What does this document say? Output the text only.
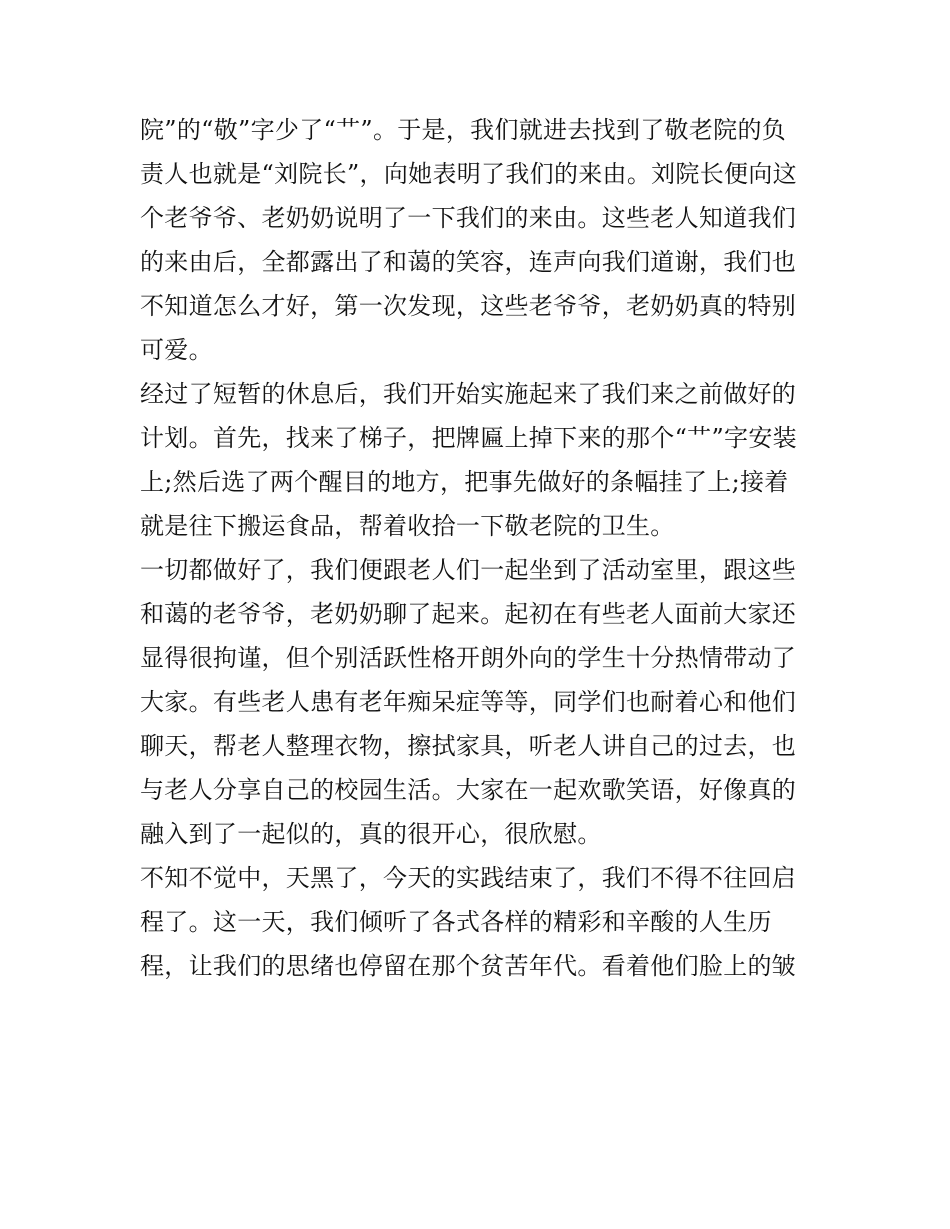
院”的“敬”字少了“艹”。于是，我们就进去找到了敬老院的负
责人也就是“刘院长”，向她表明了我们的来由。刘院长便向这
个老爷爷、老奶奶说明了一下我们的来由。这些老人知道我们
的来由后，全都露出了和蔼的笑容，连声向我们道谢，我们也
不知道怎么才好，第一次发现，这些老爷爷，老奶奶真的特别
可爱。
经过了短暂的休息后，我们开始实施起来了我们来之前做好的
计划。首先，找来了梯子，把牌匾上掉下来的那个“艹”字安装
上;然后选了两个醒目的地方，把事先做好的条幅挂了上;接着
就是往下搬运食品，帮着收拾一下敬老院的卫生。
一切都做好了，我们便跟老人们一起坐到了活动室里，跟这些
和蔼的老爷爷，老奶奶聊了起来。起初在有些老人面前大家还
显得很拘谨，但个别活跃性格开朗外向的学生十分热情带动了
大家。有些老人患有老年痴呆症等等，同学们也耐着心和他们
聊天，帮老人整理衣物，擦拭家具，听老人讲自己的过去，也
与老人分享自己的校园生活。大家在一起欢歌笑语，好像真的
融入到了一起似的，真的很开心，很欣慰。
不知不觉中，天黑了，今天的实践结束了，我们不得不往回启
程了。这一天，我们倾听了各式各样的精彩和辛酸的人生历
程，让我们的思绪也停留在那个贫苦年代。看着他们脸上的皱
